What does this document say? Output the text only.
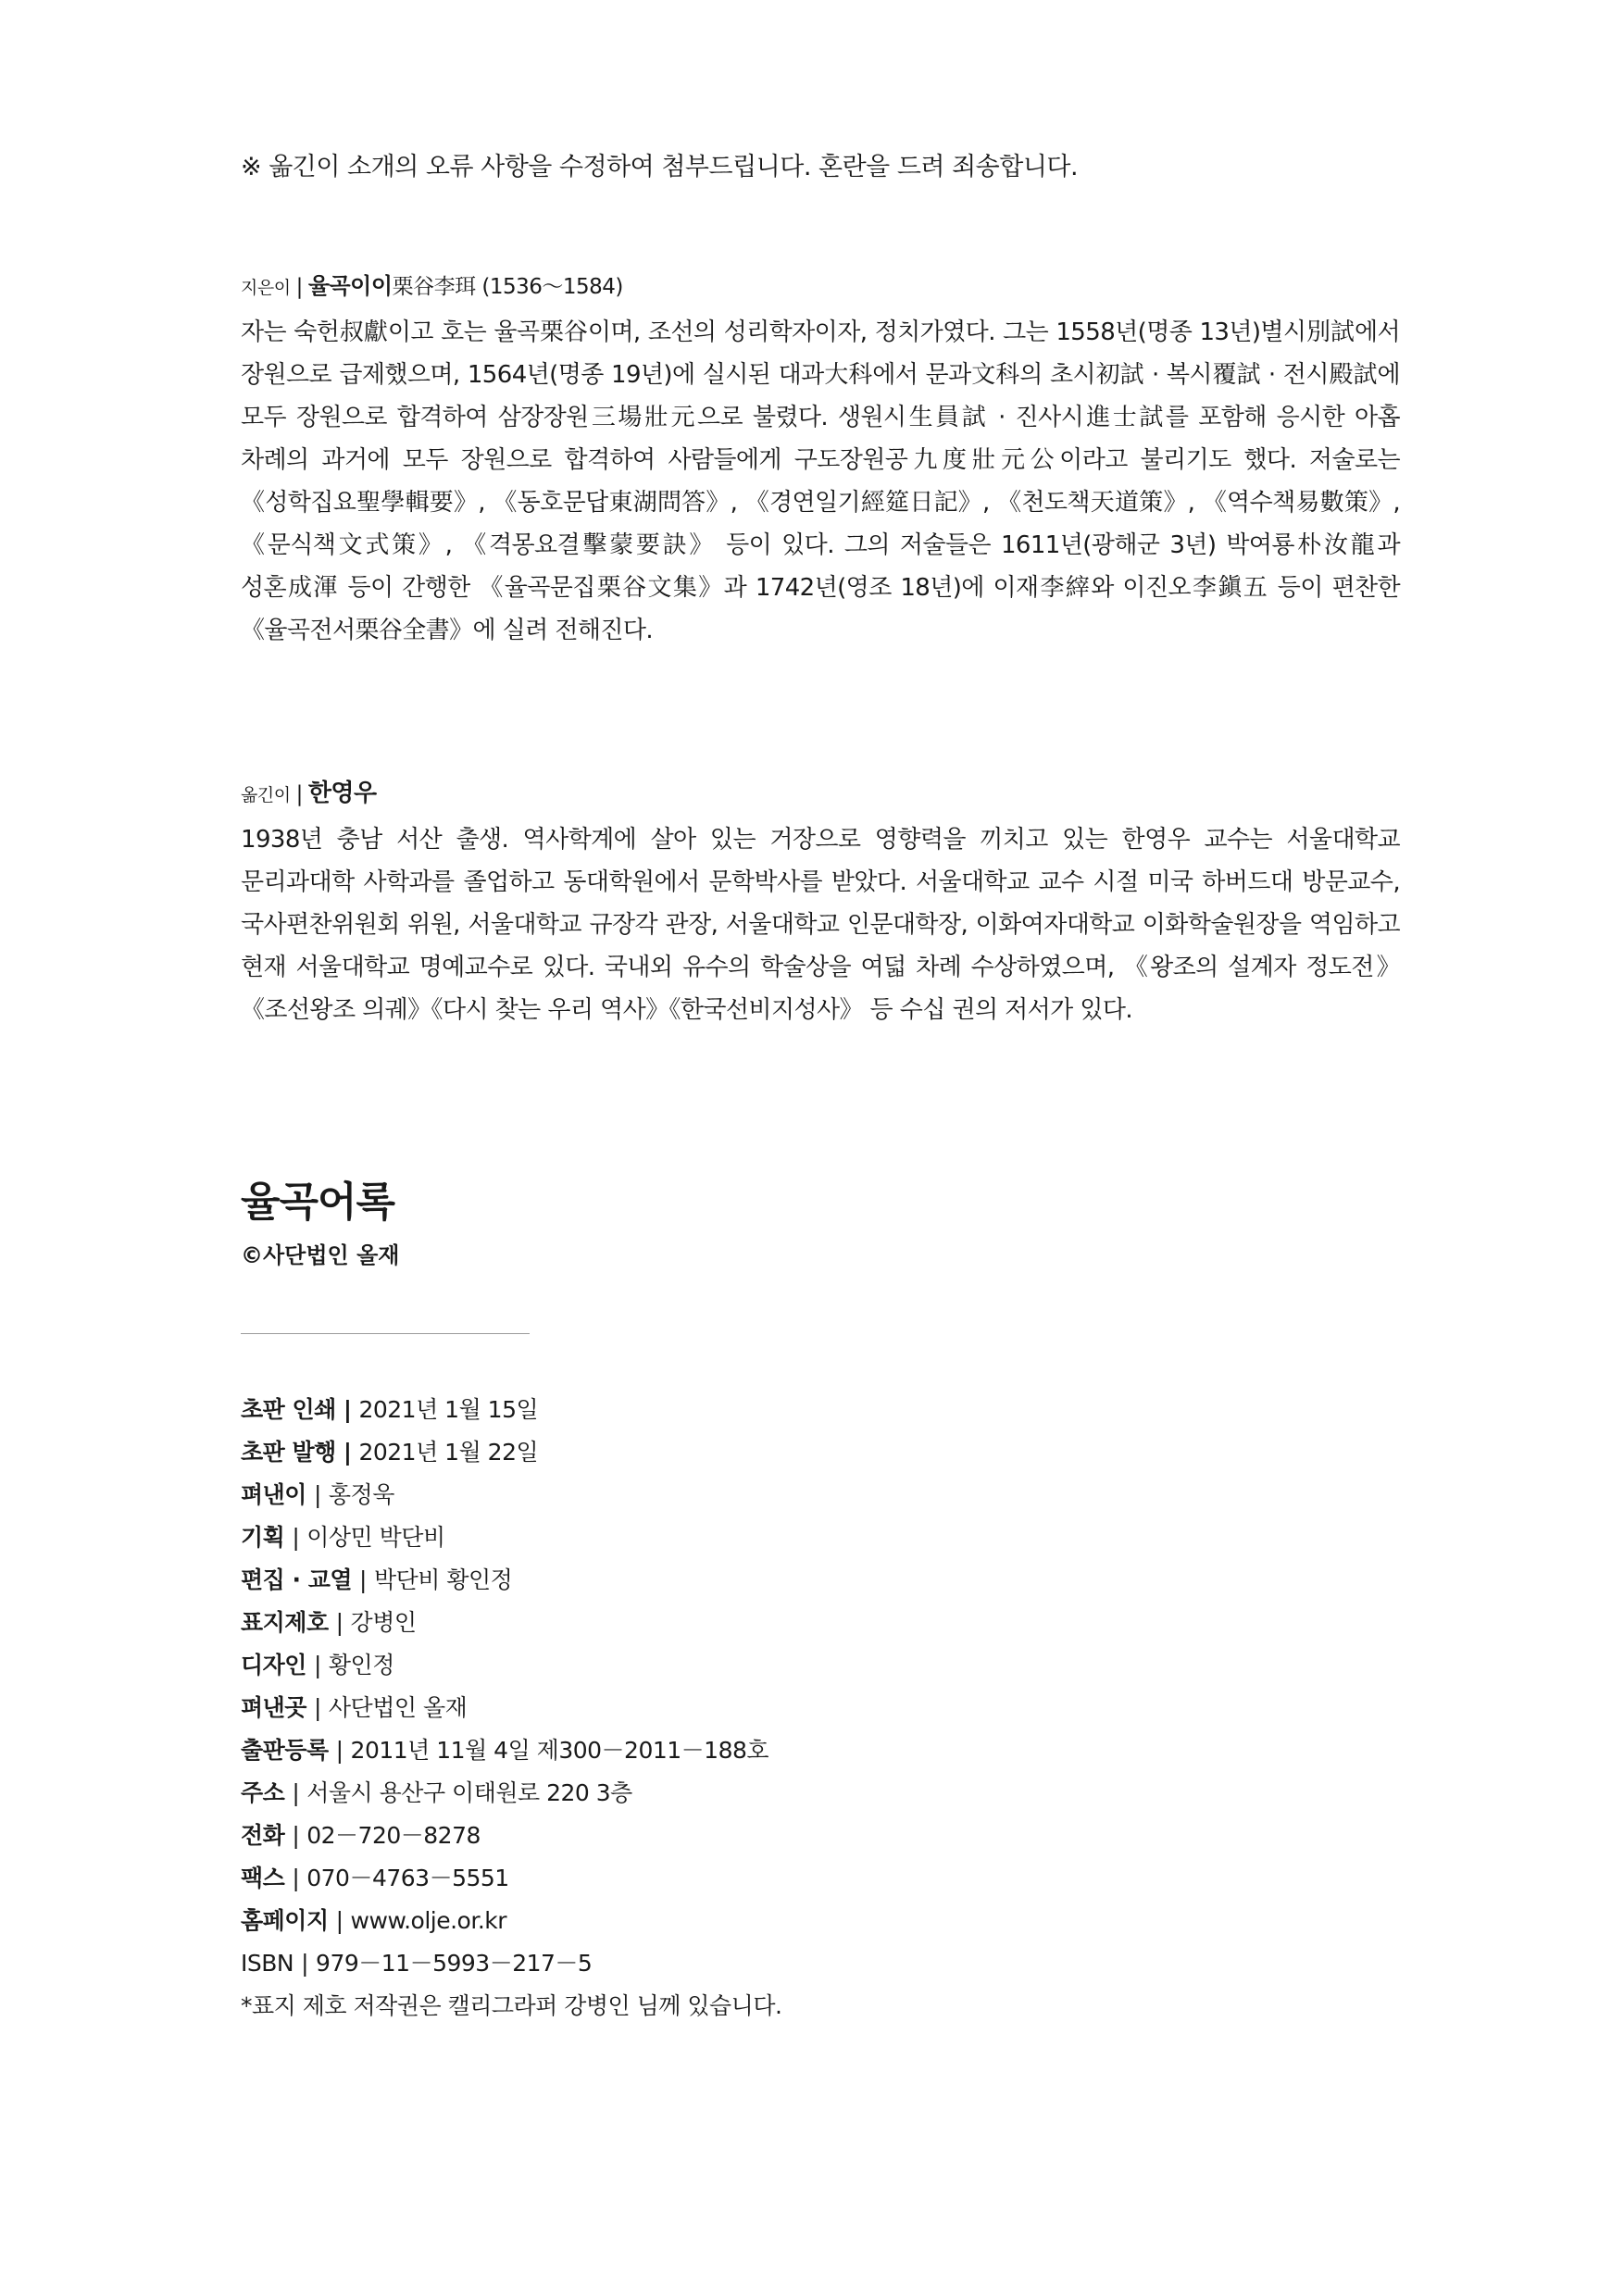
※ 옮긴이 소개의 오류 사항을 수정하여 첨부드립니다. 혼란을 드려 죄송합니다.
지은이 | 율곡이이栗谷李珥 (1536〜1584)
자는 숙헌叔獻이고 호는 율곡栗谷이며, 조선의 성리학자이자, 정치가였다. 그는 1558년(명종 13년)별시別試에서 장원으로 급제했으며, 1564년(명종 19년)에 실시된 대과大科에서 문과文科의 초시初試 · 복시覆試 · 전시殿試에 모두 장원으로 합격하여 삼장장원三場壯元으로 불렸다. 생원시生員試 · 진사시進士試를 포함해 응시한 아홉 차례의 과거에 모두 장원으로 합격하여 사람들에게 구도장원공九度壯元公이라고 불리기도 했다. 저술로는 《성학집요聖學輯要》, 《동호문답東湖問答》, 《경연일기經筵日記》, 《천도책天道策》, 《역수책易數策》, 《문식책文式策》, 《격몽요결擊蒙要訣》 등이 있다. 그의 저술들은 1611년(광해군 3년) 박여룡朴汝龍과 성혼成渾 등이 간행한 《율곡문집栗谷文集》과 1742년(영조 18년)에 이재李縡와 이진오李鎭五 등이 편찬한 《율곡전서栗谷全書》에 실려 전해진다.
옮긴이 | 한영우
1938년 충남 서산 출생. 역사학계에 살아 있는 거장으로 영향력을 끼치고 있는 한영우 교수는 서울대학교 문리과대학 사학과를 졸업하고 동대학원에서 문학박사를 받았다. 서울대학교 교수 시절 미국 하버드대 방문교수, 국사편찬위원회 위원, 서울대학교 규장각 관장, 서울대학교 인문대학장, 이화여자대학교 이화학술원장을 역임하고 현재 서울대학교 명예교수로 있다. 국내외 유수의 학술상을 여덟 차례 수상하였으며, 《왕조의 설계자 정도전》 《조선왕조 의궤》《다시 찾는 우리 역사》《한국선비지성사》 등 수십 권의 저서가 있다.
율곡어록
©사단법인 올재
초판 인쇄 | 2021년 1월 15일
초판 발행 | 2021년 1월 22일
펴낸이 | 홍정욱
기획 | 이상민 박단비
편집 · 교열 | 박단비 황인정
표지제호 | 강병인
디자인 | 황인정
펴낸곳 | 사단법인 올재
출판등록 | 2011년 11월 4일 제300－2011－188호
주소 | 서울시 용산구 이태원로 220 3층
전화 | 02－720－8278
팩스 | 070－4763－5551
홈페이지 | www.olje.or.kr
ISBN | 979－11－5993－217－5
*표지 제호 저작권은 캘리그라퍼 강병인 님께 있습니다.
